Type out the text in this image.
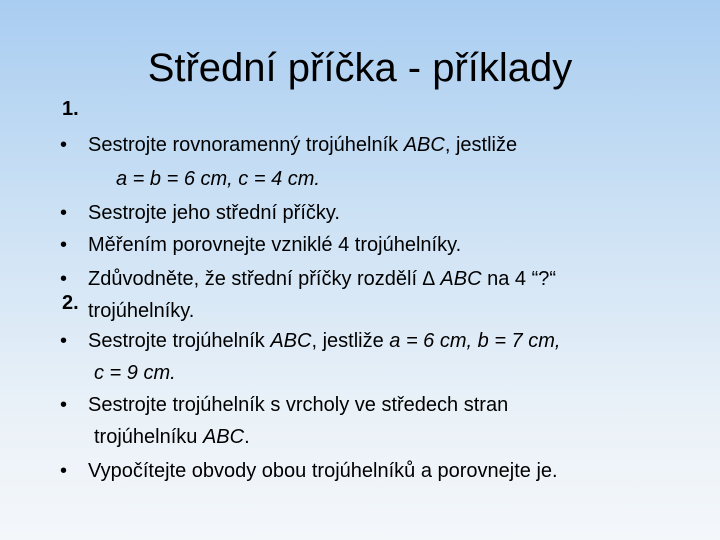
Střední příčka - příklady
1.
• Sestrojte rovnoramenný trojúhelník ABC, jestliže
a = b = 6 cm, c = 4 cm.
• Sestrojte jeho střední příčky.
• Měřením porovnejte vzniklé 4 trojúhelníky.
• Zdůvodněte, že střední příčky rozdělí ∆ ABC na 4 “?“
2. trojúhelníky.
• Sestrojte trojúhelník ABC, jestliže a = 6 cm, b = 7 cm,
c = 9 cm.
• Sestrojte trojúhelník s vrcholy ve středech stran
trojúhelníku ABC.
• Vypočítejte obvody obou trojúhelníků a porovnejte je.
